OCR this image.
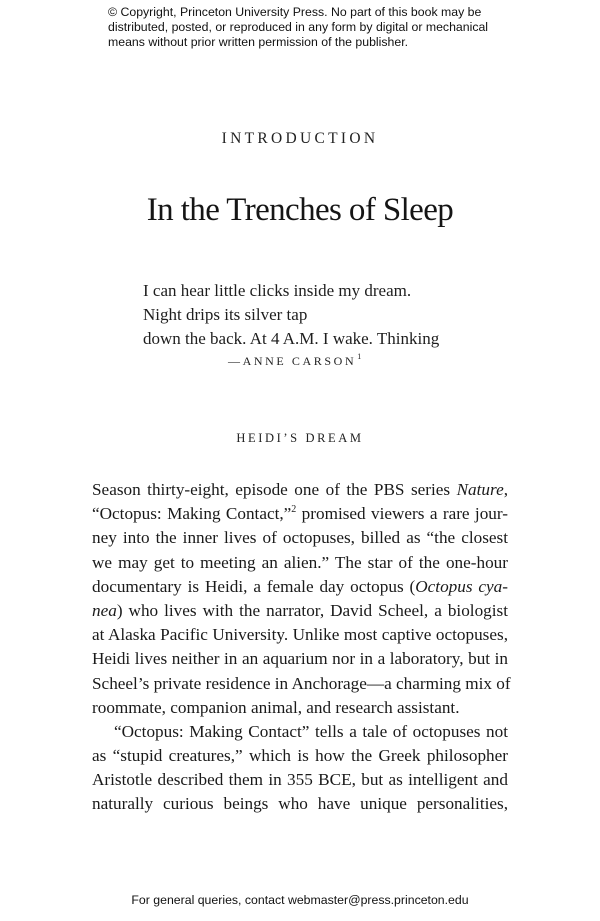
© Copyright, Princeton University Press. No part of this book may be
distributed, posted, or reproduced in any form by digital or mechanical
means without prior written permission of the publisher.
INTRODUCTION
In the Trenches of Sleep
I can hear little clicks inside my dream.
Night drips its silver tap
down the back. At 4 A.M. I wake. Thinking
—ANNE CARSON$^1$
HEIDI’S DREAM
Season thirty-eight, episode one of the PBS series Nature,
“Octopus: Making Contact,”$^2$ promised viewers a rare jour-
ney into the inner lives of octopuses, billed as “the closest
we may get to meeting an alien.” The star of the one-hour
documentary is Heidi, a female day octopus (Octopus cya-
nea) who lives with the narrator, David Scheel, a biologist
at Alaska Pacific University. Unlike most captive octopuses,
Heidi lives neither in an aquarium nor in a laboratory, but in
Scheel’s private residence in Anchorage—a charming mix of
roommate, companion animal, and research assistant.
“Octopus: Making Contact” tells a tale of octopuses not
as “stupid creatures,” which is how the Greek philosopher
Aristotle described them in 355 BCE, but as intelligent and
naturally curious beings who have unique personalities,
For general queries, contact webmaster@press.princeton.edu
